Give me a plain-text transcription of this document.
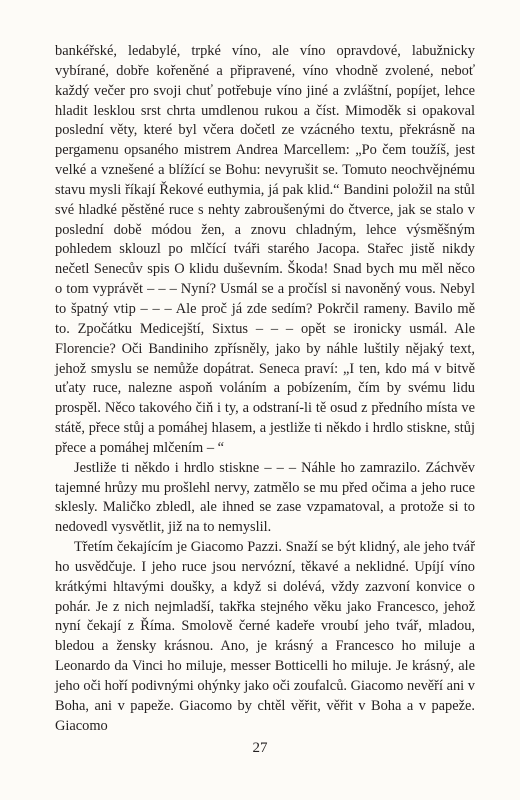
bankéřské, ledabylé, trpké víno, ale víno opravdové, labužnicky vybírané, dobře kořeněné a připravené, víno vhodně zvolené, neboť každý večer pro svoji chuť potřebuje víno jiné a zvláštní, popíjet, lehce hladit lesklou srst chrta umdlenou rukou a číst. Mimoděk si opakoval poslední věty, které byl včera dočetl ze vzácného textu, překrásně na pergamenu opsaného mistrem Andrea Marcellem: „Po čem toužíš, jest velké a vznešené a blížící se Bohu: nevyrušit se. Tomuto neochvějnému stavu mysli říkají Řekové euthymia, já pak klid.“ Bandini položil na stůl své hladké pěstěné ruce s nehty zabroušenými do čtverce, jak se stalo v poslední době módou žen, a znovu chladným, lehce výsměšným pohledem sklouzl po mlčící tváři starého Jacopa. Stařec jistě nikdy nečetl Senecův spis O klidu duševním. Škoda! Snad bych mu měl něco o tom vyprávět – – – Nyní? Usmál se a pročísl si navoněný vous. Nebyl to špatný vtip – – – Ale proč já zde sedím? Pokrčil rameny. Bavilo mě to. Zpočátku Medicejští, Sixtus – – – opět se ironicky usmál. Ale Florencie? Oči Bandiniho zpřísněly, jako by náhle luštily nějaký text, jehož smyslu se nemůže dopátrat. Seneca praví: „I ten, kdo má v bitvě uťaty ruce, nalezne aspoň voláním a pobízením, čím by svému lidu prospěl. Něco takového čiň i ty, a odstraní-li tě osud z předního místa ve státě, přece stůj a pomáhej hlasem, a jestliže ti někdo i hrdlo stiskne, stůj přece a pomáhej mlčením – “

Jestliže ti někdo i hrdlo stiskne – – – Náhle ho zamrazilo. Záchvěv tajemné hrůzy mu prošlehl nervy, zatmělo se mu před očima a jeho ruce sklesly. Maličko zbledl, ale ihned se zase vzpamatoval, a protože si to nedovedl vysvětlit, již na to nemyslil.

Třetím čekajícím je Giacomo Pazzi. Snaží se být klidný, ale jeho tvář ho usvědčuje. I jeho ruce jsou nervózní, těkavé a neklidné. Upíjí víno krátkými hltavými doušky, a když si dolévá, vždy zazvoní konvice o pohár. Je z nich nejmladší, takřka stejného věku jako Francesco, jehož nyní čekají z Říma. Smolově černé kadeře vroubí jeho tvář, mladou, bledou a žensky krásnou. Ano, je krásný a Francesco ho miluje a Leonardo da Vinci ho miluje, messer Botticelli ho miluje. Je krásný, ale jeho oči hoří podivnými ohýnky jako oči zoufalců. Giacomo nevěří ani v Boha, ani v papeže. Giacomo by chtěl věřit, věřit v Boha a v papeže. Giacomo

27
